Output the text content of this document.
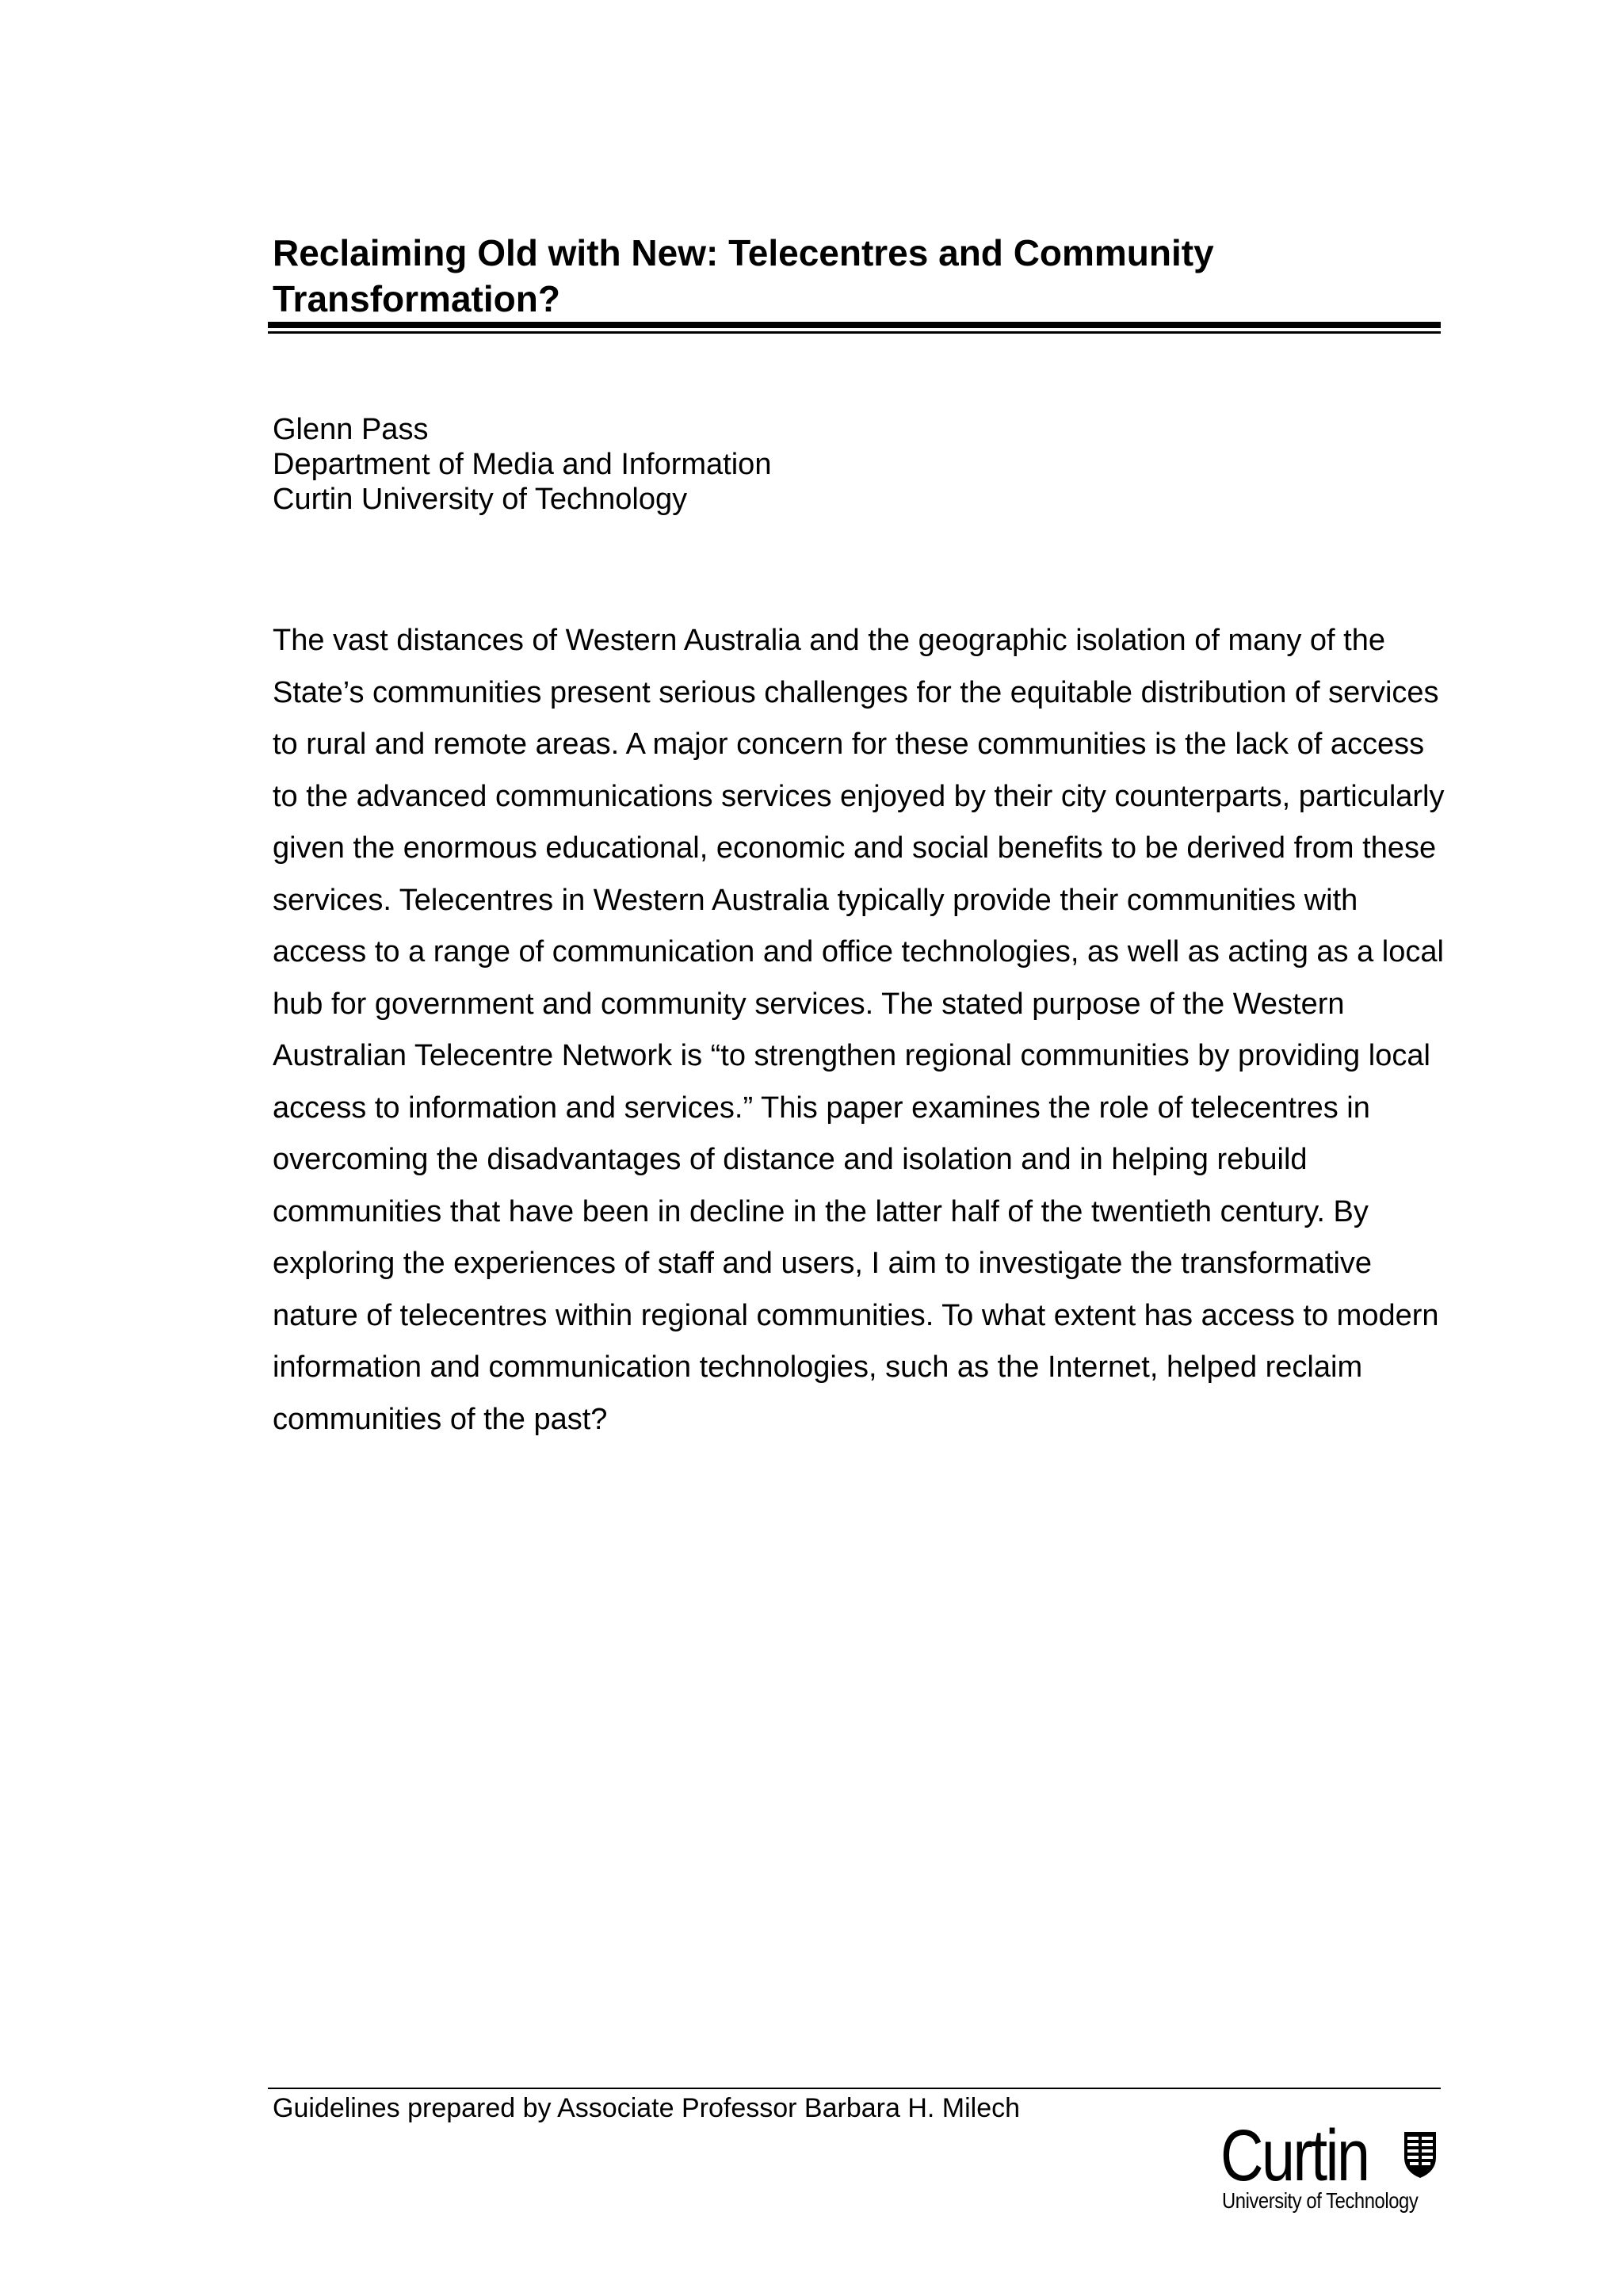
Reclaiming Old with New: Telecentres and Community Transformation?
Glenn Pass
Department of Media and Information
Curtin University of Technology

The vast distances of Western Australia and the geographic isolation of many of the State’s communities present serious challenges for the equitable distribution of services to rural and remote areas. A major concern for these communities is the lack of access to the advanced communications services enjoyed by their city counterparts, particularly given the enormous educational, economic and social benefits to be derived from these services. Telecentres in Western Australia typically provide their communities with access to a range of communication and office technologies, as well as acting as a local hub for government and community services. The stated purpose of the Western Australian Telecentre Network is “to strengthen regional communities by providing local access to information and services.” This paper examines the role of telecentres in overcoming the disadvantages of distance and isolation and in helping rebuild communities that have been in decline in the latter half of the twentieth century. By exploring the experiences of staff and users, I aim to investigate the transformative nature of telecentres within regional communities. To what extent has access to modern information and communication technologies, such as the Internet, helped reclaim communities of the past?

Guidelines prepared by Associate Professor Barbara H. Milech
Curtin
University of Technology
